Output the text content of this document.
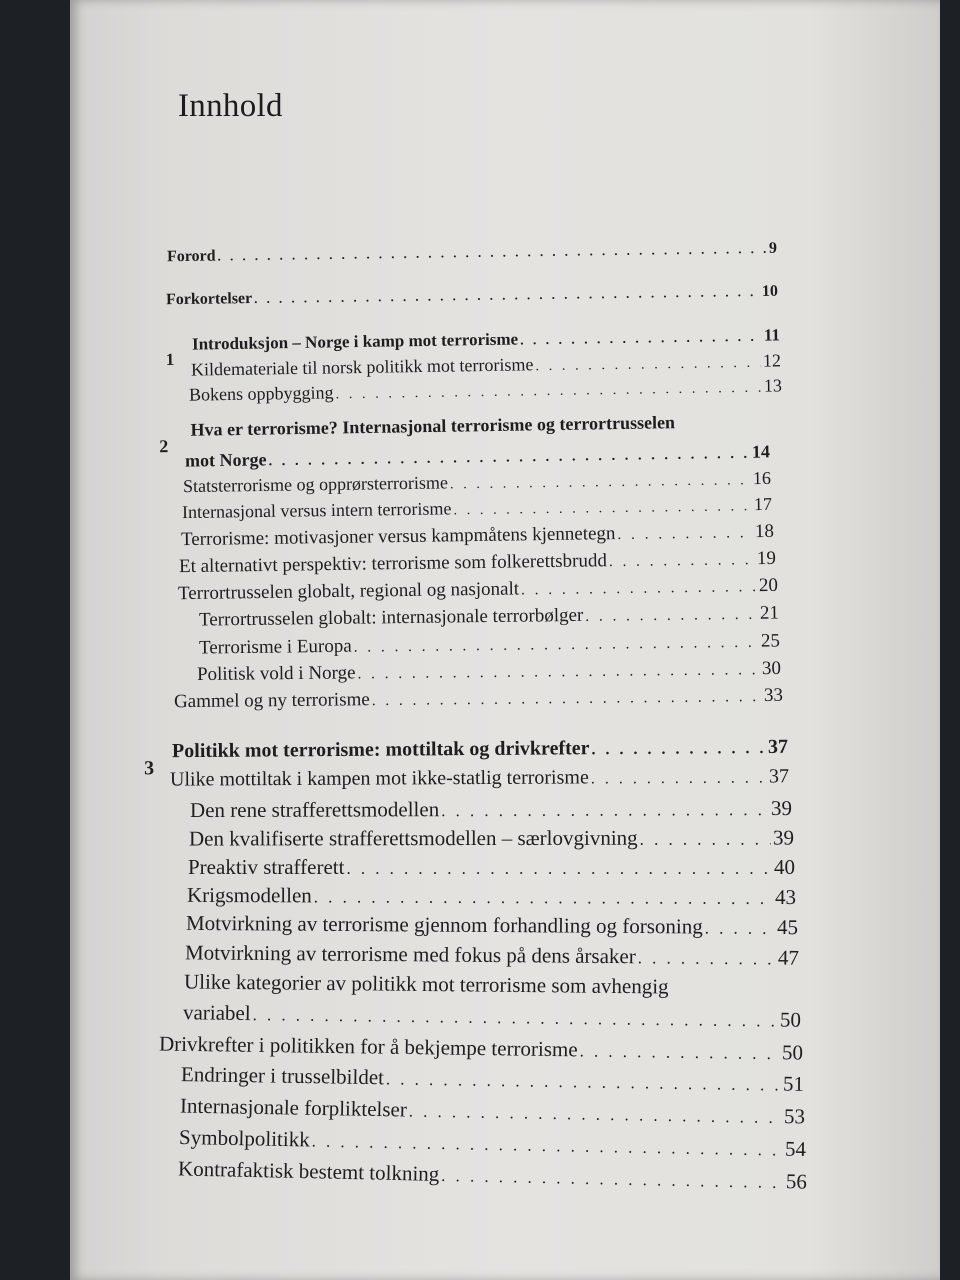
Innhold
Forord . . .	9
Forkortelser . . .	10
1
Introduksjon – Norge i kamp mot terrorisme . . .	11
Kildemateriale til norsk politikk mot terrorisme . . .	12
Bokens oppbygging . . .	13
2
Hva er terrorisme? Internasjonal terrorisme og terrortrusselen
mot Norge . . .	14
Statsterrorisme og opprørsterrorisme . . .	16
Internasjonal versus intern terrorisme . . .	17
Terrorisme: motivasjoner versus kampmåtens kjennetegn . . .	18
Et alternativt perspektiv: terrorisme som folkerettsbrudd . . .	19
Terrortrusselen globalt, regional og nasjonalt . . .	20
Terrortrusselen globalt: internasjonale terrorbølger . . .	21
Terrorisme i Europa . . .	25
Politisk vold i Norge . . .	30
Gammel og ny terrorisme . . .	33
3
Politikk mot terrorisme: mottiltak og drivkrefter . . .	37
Ulike mottiltak i kampen mot ikke-statlig terrorisme . . .	37
Den rene strafferettsmodellen . . .	39
Den kvalifiserte strafferettsmodellen – særlovgivning . . .	39
Preaktiv strafferett . . .	40
Krigsmodellen . . .	43
Motvirkning av terrorisme gjennom forhandling og forsoning . . .	45
Motvirkning av terrorisme med fokus på dens årsaker . . .	47
Ulike kategorier av politikk mot terrorisme som avhengig
variabel . . .	50
Drivkrefter i politikken for å bekjempe terrorisme . . .	50
Endringer i trusselbildet . . .	51
Internasjonale forpliktelser . . .	53
Symbolpolitikk . . .	54
Kontrafaktisk bestemt tolkning . . .	56
